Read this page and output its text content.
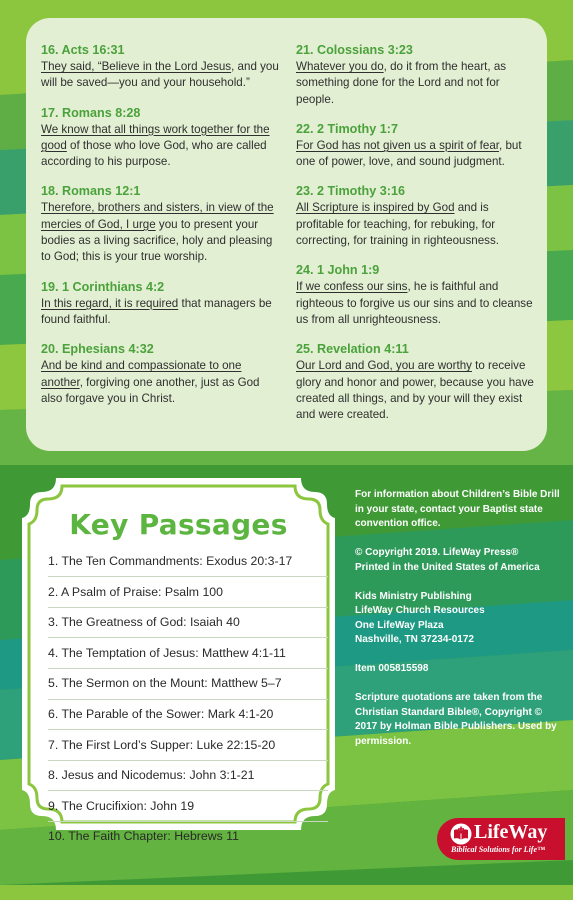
16. Acts 16:31
They said, “Believe in the Lord Jesus, and you will be saved—you and your household.”
17. Romans 8:28
We know that all things work together for the good of those who love God, who are called according to his purpose.
18. Romans 12:1
Therefore, brothers and sisters, in view of the mercies of God, I urge you to present your bodies as a living sacrifice, holy and pleasing to God; this is your true worship.
19. 1 Corinthians 4:2
In this regard, it is required that managers be found faithful.
20. Ephesians 4:32
And be kind and compassionate to one another, forgiving one another, just as God also forgave you in Christ.
21. Colossians 3:23
Whatever you do, do it from the heart, as something done for the Lord and not for people.
22. 2 Timothy 1:7
For God has not given us a spirit of fear, but one of power, love, and sound judgment.
23. 2 Timothy 3:16
All Scripture is inspired by God and is profitable for teaching, for rebuking, for correcting, for training in righteousness.
24. 1 John 1:9
If we confess our sins, he is faithful and righteous to forgive us our sins and to cleanse us from all unrighteousness.
25. Revelation 4:11
Our Lord and God, you are worthy to receive glory and honor and power, because you have created all things, and by your will they exist and were created.
Key Passages
1. The Ten Commandments: Exodus 20:3-17
2. A Psalm of Praise: Psalm 100
3. The Greatness of God: Isaiah 40
4. The Temptation of Jesus: Matthew 4:1-11
5. The Sermon on the Mount: Matthew 5–7
6. The Parable of the Sower: Mark 4:1-20
7. The First Lord’s Supper: Luke 22:15-20
8. Jesus and Nicodemus: John 3:1-21
9. The Crucifixion: John 19
10. The Faith Chapter: Hebrews 11

For information about Children’s Bible Drill in your state, contact your Baptist state convention office.

© Copyright 2019. LifeWay Press®
Printed in the United States of America

Kids Ministry Publishing
LifeWay Church Resources
One LifeWay Plaza
Nashville, TN 37234-0172

Item 005815598

Scripture quotations are taken from the Christian Standard Bible®, Copyright © 2017 by Holman Bible Publishers. Used by permission.

LifeWay
Biblical Solutions for Life™
